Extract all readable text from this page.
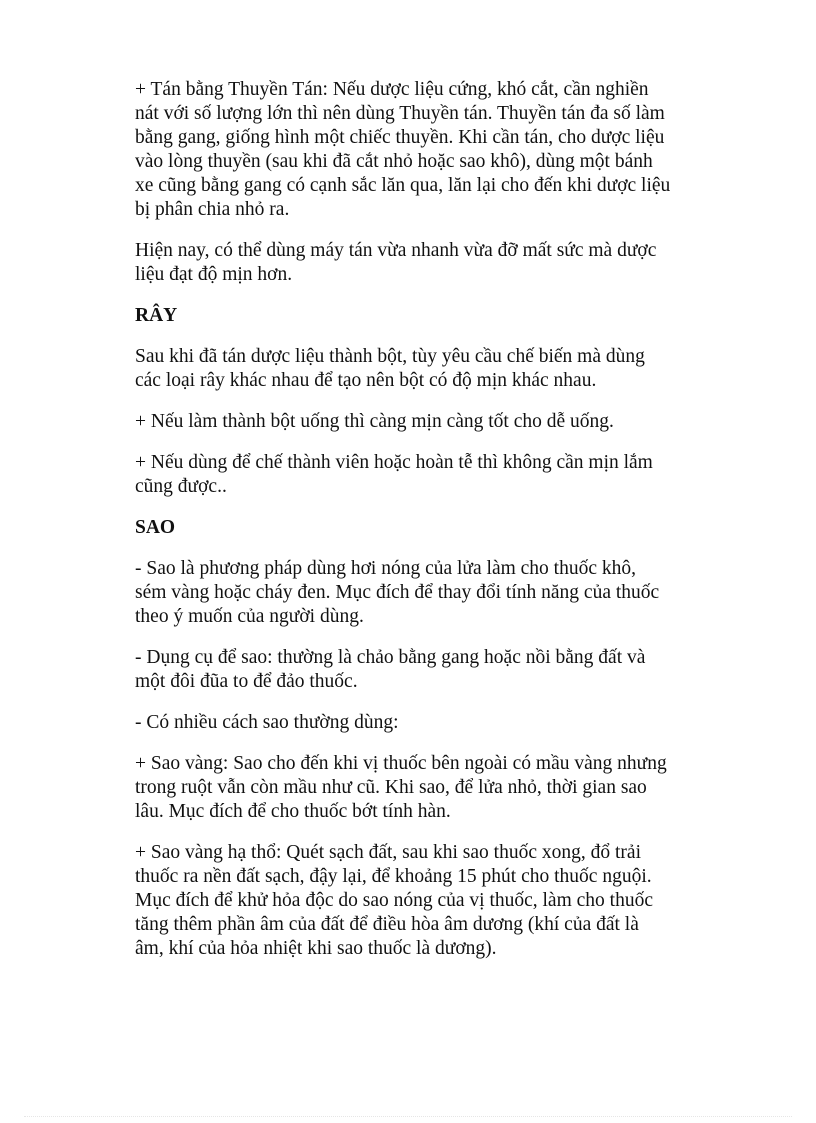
+ Tán bằng Thuyền Tán: Nếu dược liệu cứng, khó cắt, cần nghiền
nát với số lượng lớn thì nên dùng Thuyền tán. Thuyền tán đa số làm
bằng gang, giống hình một chiếc thuyền. Khi cần tán, cho dược liệu
vào lòng thuyền (sau khi đã cắt nhỏ hoặc sao khô), dùng một bánh
xe cũng bằng gang có cạnh sắc lăn qua, lăn lại cho đến khi dược liệu
bị phân chia nhỏ ra.
Hiện nay, có thể dùng máy tán vừa nhanh vừa đỡ mất sức mà dược
liệu đạt độ mịn hơn.
RÂY
Sau khi đã tán dược liệu thành bột, tùy yêu cầu chế biến mà dùng
các loại rây khác nhau để tạo nên bột có độ mịn khác nhau.
+ Nếu làm thành bột uống thì càng mịn càng tốt cho dễ uống.
+ Nếu dùng để chế thành viên hoặc hoàn tễ thì không cần mịn lắm
cũng được..
SAO
- Sao là phương pháp dùng hơi nóng của lửa làm cho thuốc khô,
sém vàng hoặc cháy đen. Mục đích để thay đổi tính năng của thuốc
theo ý muốn của người dùng.
- Dụng cụ để sao: thường là chảo bằng gang hoặc nồi bằng đất và
một đôi đũa to để đảo thuốc.
- Có nhiều cách sao thường dùng:
+ Sao vàng: Sao cho đến khi vị thuốc bên ngoài có mầu vàng nhưng
trong ruột vẫn còn mầu như cũ. Khi sao, để lửa nhỏ, thời gian sao
lâu. Mục đích để cho thuốc bớt tính hàn.
+ Sao vàng hạ thổ: Quét sạch đất, sau khi sao thuốc xong, đổ trải
thuốc ra nền đất sạch, đậy lại, để khoảng 15 phút cho thuốc nguội.
Mục đích để khử hỏa độc do sao nóng của vị thuốc, làm cho thuốc
tăng thêm phần âm của đất để điều hòa âm dương (khí của đất là
âm, khí của hỏa nhiệt khi sao thuốc là dương).
